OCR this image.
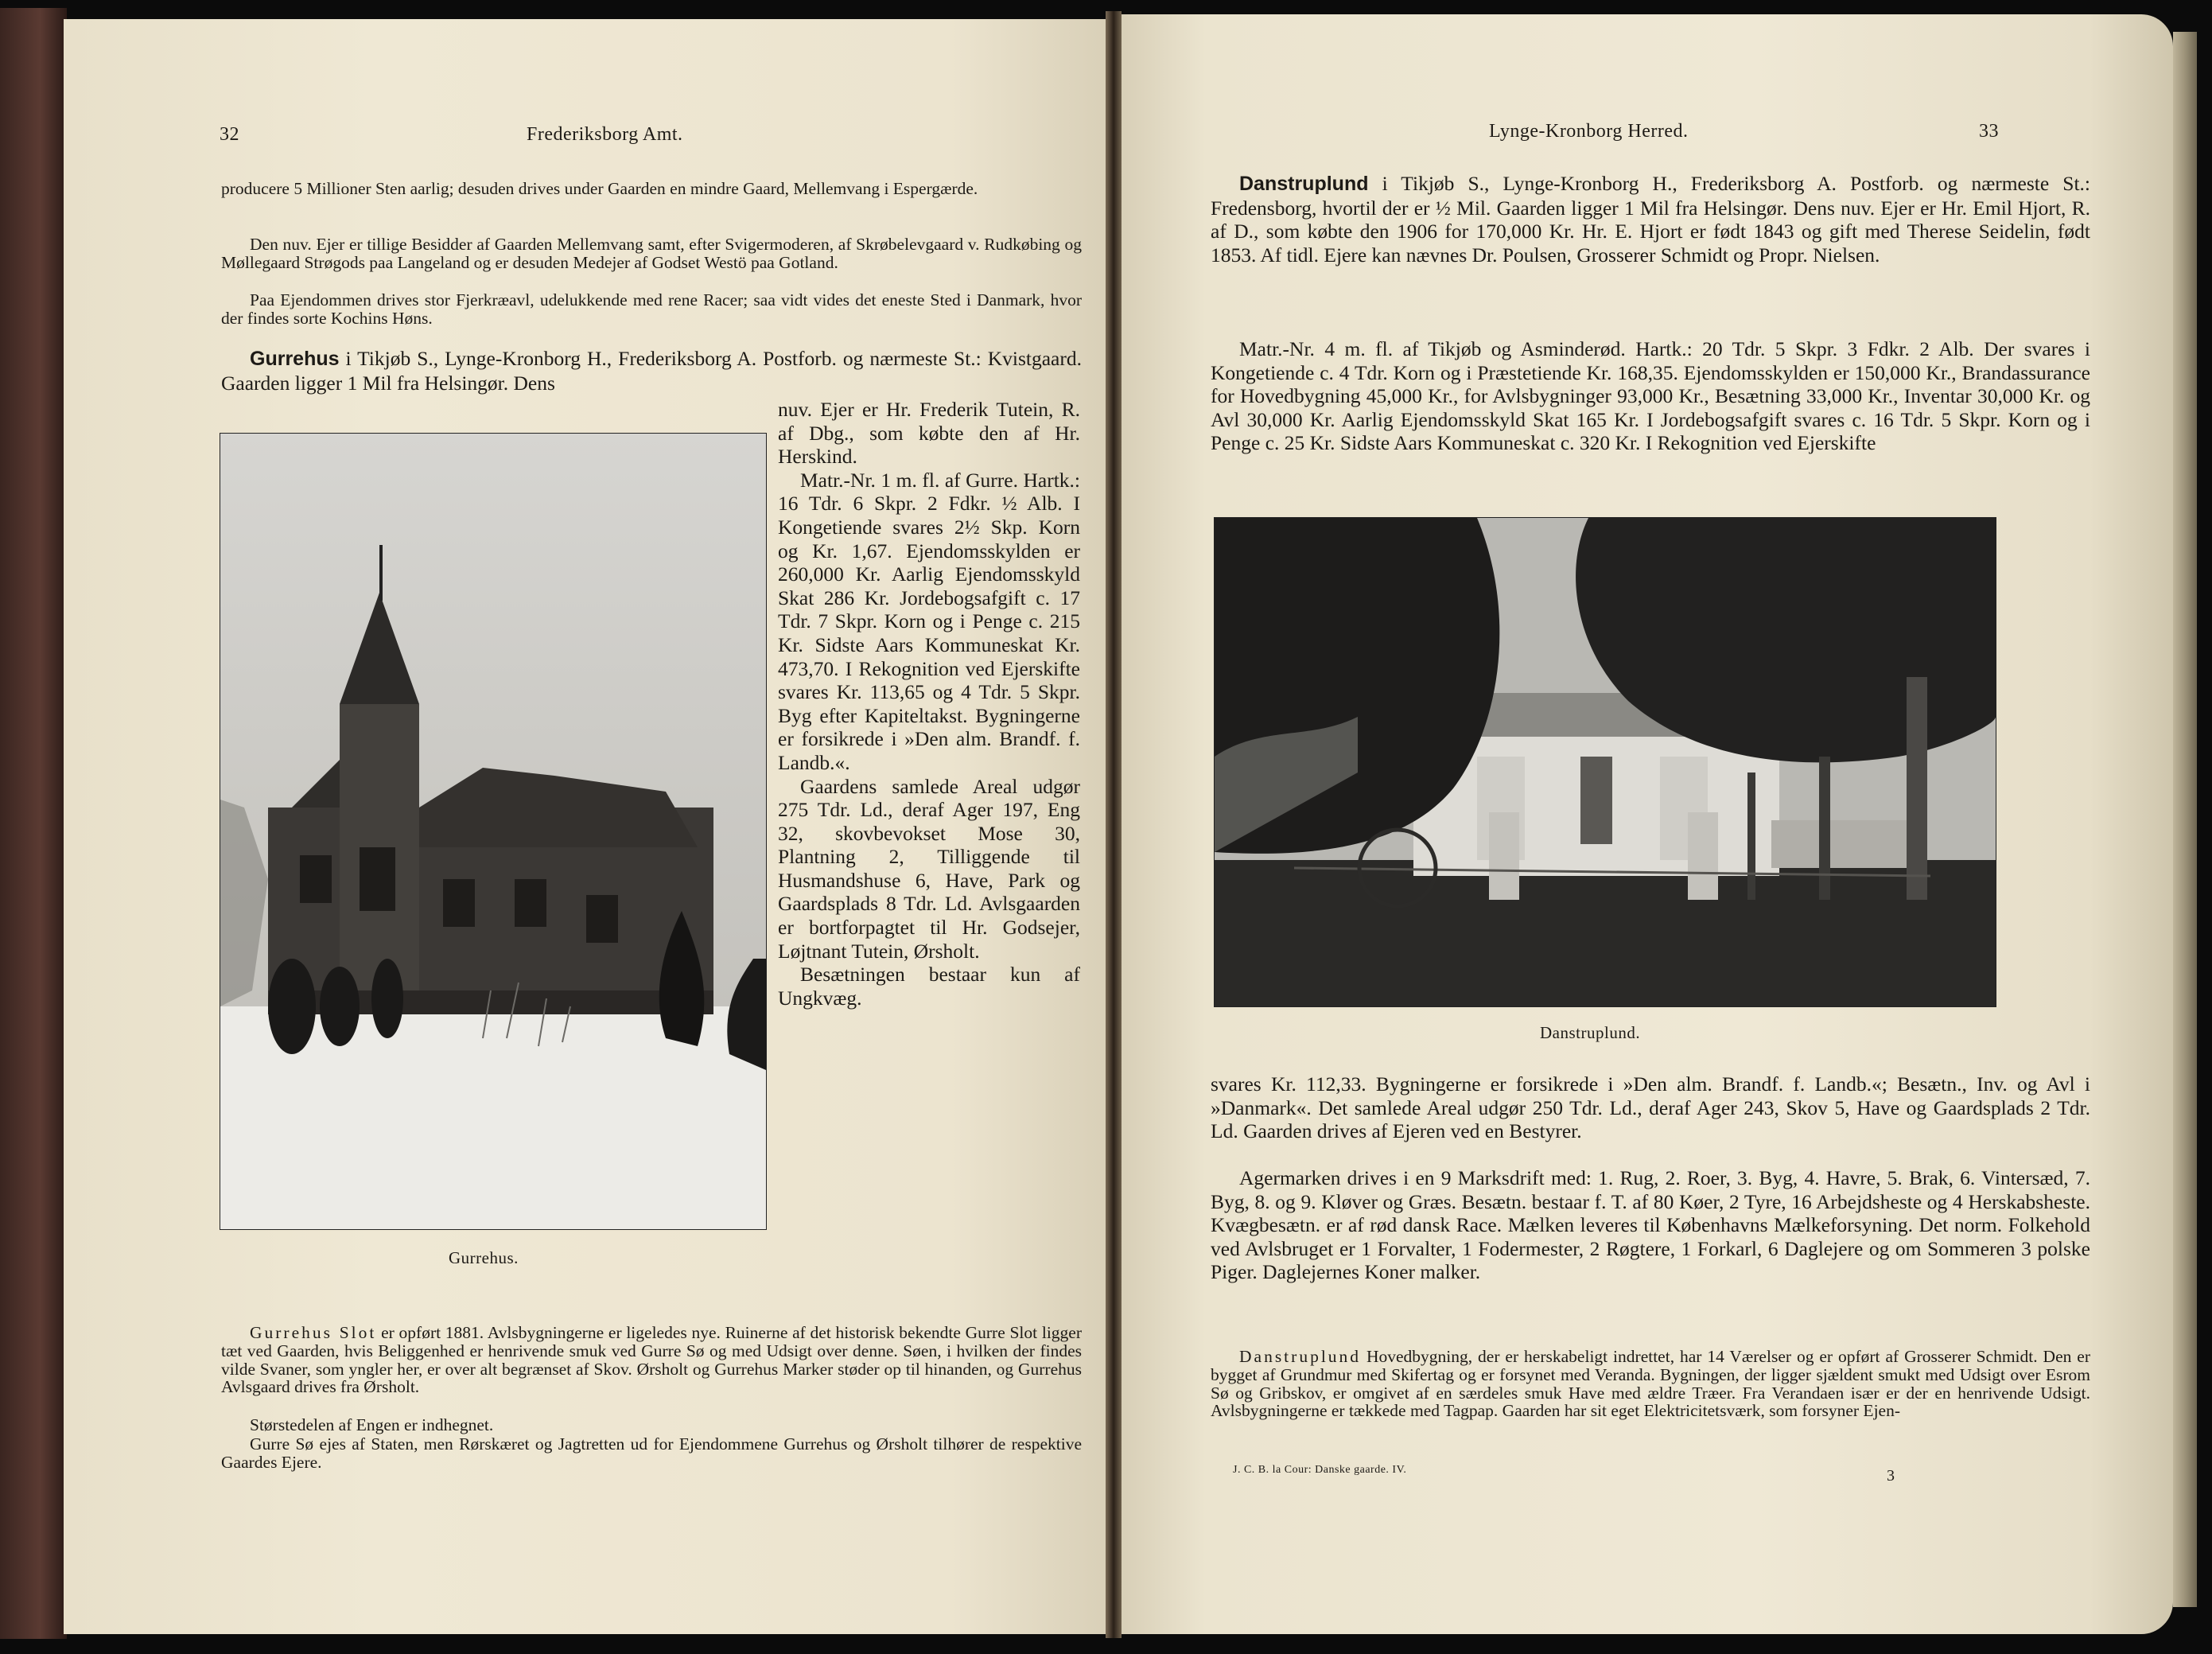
32	Frederiksborg Amt.

producere 5 Millioner Sten aarlig; desuden drives under Gaarden en mindre Gaard, Mellemvang i Espergærde.

Den nuv. Ejer er tillige Besidder af Gaarden Mellemvang samt, efter Svigermoderen, af Skrøbelevgaard v. Rudkøbing og Møllegaard Strøgods paa Langeland og er desuden Medejer af Godset Westö paa Gotland.

Paa Ejendommen drives stor Fjerkræavl, udelukkende med rene Racer; saa vidt vides det eneste Sted i Danmark, hvor der findes sorte Kochins Høns.

Gurrehus i Tikjøb S., Lynge-Kronborg H., Frederiksborg A. Postforb. og nærmeste St.: Kvistgaard. Gaarden ligger 1 Mil fra Helsingør. Dens

Gurrehus.

nuv. Ejer er Hr. Frederik Tutein, R. af Dbg., som købte den af Hr. Herskind.

Matr.-Nr. 1 m. fl. af Gurre. Hartk.: 16 Tdr. 6 Skpr. 2 Fdkr. ½ Alb. I Kongetiende svares 2½ Skp. Korn og Kr. 1,67. Ejendomsskylden er 260,000 Kr. Aarlig Ejendomsskyld Skat 286 Kr. Jordebogsafgift c. 17 Tdr. 7 Skpr. Korn og i Penge c. 215 Kr. Sidste Aars Kommuneskat Kr. 473,70. I Rekognition ved Ejerskifte svares Kr. 113,65 og 4 Tdr. 5 Skpr. Byg efter Kapiteltakst. Bygningerne er forsikrede i »Den alm. Brandf. f. Landb.«.

Gaardens samlede Areal udgør 275 Tdr. Ld., deraf Ager 197, Eng 32, skovbevokset Mose 30, Plantning 2, Tilliggende til Husmandshuse 6, Have, Park og Gaardsplads 8 Tdr. Ld. Avlsgaarden er bortforpagtet til Hr. Godsejer, Løjtnant Tutein, Ørsholt.

Besætningen bestaar kun af Ungkvæg.

Gurrehus Slot er opført 1881. Avlsbygningerne er ligeledes nye. Ruinerne af det historisk bekendte Gurre Slot ligger tæt ved Gaarden, hvis Beliggenhed er henrivende smuk ved Gurre Sø og med Udsigt over denne. Søen, i hvilken der findes vilde Svaner, som yngler her, er over alt begrænset af Skov. Ørsholt og Gurrehus Marker støder op til hinanden, og Gurrehus Avlsgaard drives fra Ørsholt.

Størstedelen af Engen er indhegnet.

Gurre Sø ejes af Staten, men Rørskæret og Jagtretten ud for Ejendommene Gurrehus og Ørsholt tilhører de respektive Gaardes Ejere.

Lynge-Kronborg Herred.	33

Danstruplund i Tikjøb S., Lynge-Kronborg H., Frederiksborg A. Postforb. og nærmeste St.: Fredensborg, hvortil der er ½ Mil. Gaarden ligger 1 Mil fra Helsingør. Dens nuv. Ejer er Hr. Emil Hjort, R. af D., som købte den 1906 for 170,000 Kr. Hr. E. Hjort er født 1843 og gift med Therese Seidelin, født 1853. Af tidl. Ejere kan nævnes Dr. Poulsen, Grosserer Schmidt og Propr. Nielsen.

Matr.-Nr. 4 m. fl. af Tikjøb og Asminderød. Hartk.: 20 Tdr. 5 Skpr. 3 Fdkr. 2 Alb. Der svares i Kongetiende c. 4 Tdr. Korn og i Præstetiende Kr. 168,35. Ejendomsskylden er 150,000 Kr., Brandassurance for Hovedbygning 45,000 Kr., for Avlsbygninger 93,000 Kr., Besætning 33,000 Kr., Inventar 30,000 Kr. og Avl 30,000 Kr. Aarlig Ejendomsskyld Skat 165 Kr. I Jordebogsafgift svares c. 16 Tdr. 5 Skpr. Korn og i Penge c. 25 Kr. Sidste Aars Kommuneskat c. 320 Kr. I Rekognition ved Ejerskifte

Danstruplund.

svares Kr. 112,33. Bygningerne er forsikrede i »Den alm. Brandf. f. Landb.«; Besætn., Inv. og Avl i »Danmark«. Det samlede Areal udgør 250 Tdr. Ld., deraf Ager 243, Skov 5, Have og Gaardsplads 2 Tdr. Ld. Gaarden drives af Ejeren ved en Bestyrer.

Agermarken drives i en 9 Marksdrift med: 1. Rug, 2. Roer, 3. Byg, 4. Havre, 5. Brak, 6. Vintersæd, 7. Byg, 8. og 9. Kløver og Græs. Besætn. bestaar f. T. af 80 Køer, 2 Tyre, 16 Arbejdsheste og 4 Herskabsheste. Kvægbesætn. er af rød dansk Race. Mælken leveres til Københavns Mælkeforsyning. Det norm. Folkehold ved Avlsbruget er 1 Forvalter, 1 Fodermester, 2 Røgtere, 1 Forkarl, 6 Daglejere og om Sommeren 3 polske Piger. Daglejernes Koner malker.

Danstruplund Hovedbygning, der er herskabeligt indrettet, har 14 Værelser og er opført af Grosserer Schmidt. Den er bygget af Grundmur med Skifertag og er forsynet med Veranda. Bygningen, der ligger sjældent smukt med Udsigt over Esrom Sø og Gribskov, er omgivet af en særdeles smuk Have med ældre Træer. Fra Verandaen især er der en henrivende Udsigt. Avlsbygningerne er tækkede med Tagpap. Gaarden har sit eget Elektricitetsværk, som forsyner Ejen-

J. C. B. la Cour: Danske gaarde. IV.	3
